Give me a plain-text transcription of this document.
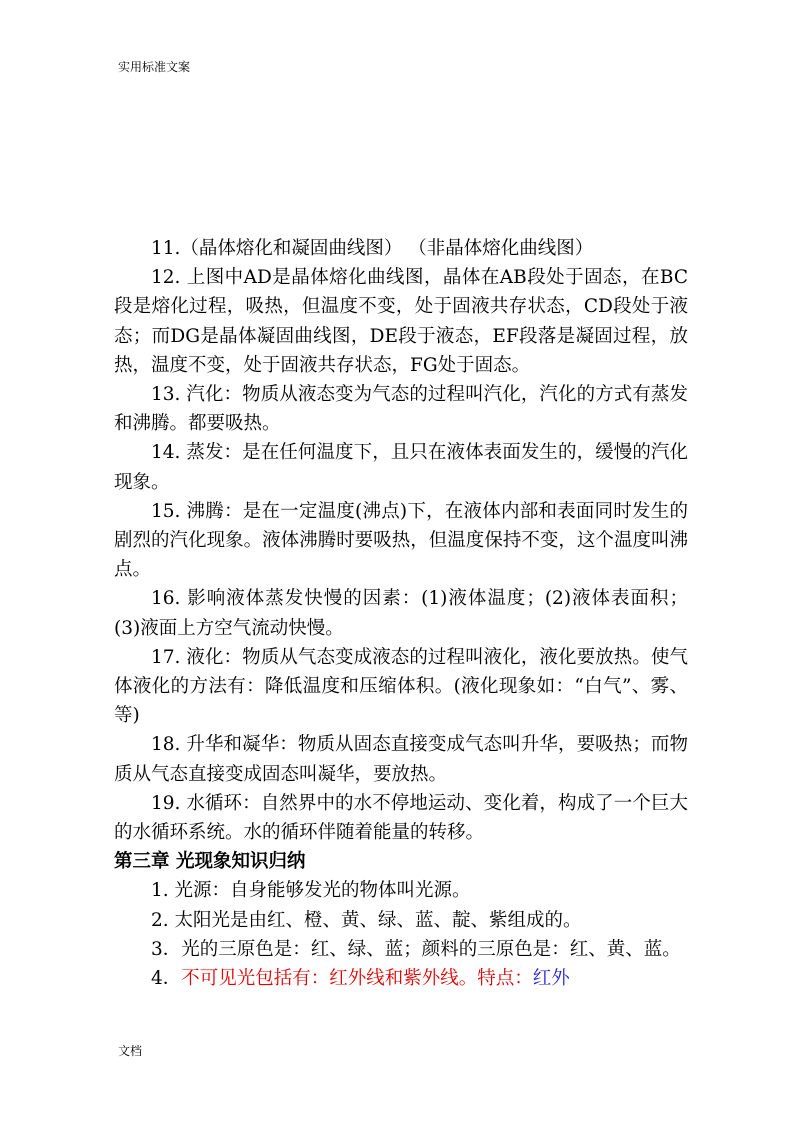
实用标准文案

11.（晶体熔化和凝固曲线图） （非晶体熔化曲线图）

12. 上图中AD是晶体熔化曲线图，晶体在AB段处于固态，在BC段是熔化过程，吸热，但温度不变，处于固液共存状态，CD段处于液态；而DG是晶体凝固曲线图，DE段于液态，EF段落是凝固过程，放热，温度不变，处于固液共存状态，FG处于固态。

13. 汽化：物质从液态变为气态的过程叫汽化，汽化的方式有蒸发和沸腾。都要吸热。

14. 蒸发：是在任何温度下，且只在液体表面发生的，缓慢的汽化现象。

15. 沸腾：是在一定温度(沸点)下，在液体内部和表面同时发生的剧烈的汽化现象。液体沸腾时要吸热，但温度保持不变，这个温度叫沸点。

16. 影响液体蒸发快慢的因素：(1)液体温度；(2)液体表面积；(3)液面上方空气流动快慢。

17. 液化：物质从气态变成液态的过程叫液化，液化要放热。使气体液化的方法有：降低温度和压缩体积。(液化现象如：“白气”、雾、等)

18. 升华和凝华：物质从固态直接变成气态叫升华，要吸热；而物质从气态直接变成固态叫凝华，要放热。

19. 水循环：自然界中的水不停地运动、变化着，构成了一个巨大的水循环系统。水的循环伴随着能量的转移。

第三章 光现象知识归纳

1. 光源：自身能够发光的物体叫光源。

2. 太阳光是由红、橙、黄、绿、蓝、靛、紫组成的。

3．光的三原色是：红、绿、蓝；颜料的三原色是：红、黄、蓝。

4．不可见光包括有：红外线和紫外线。特点：红外

文档
